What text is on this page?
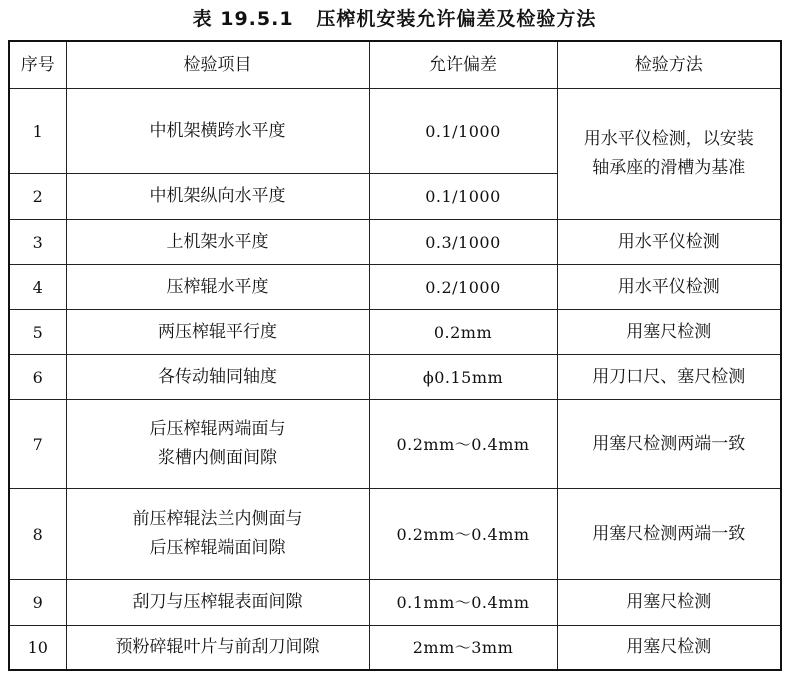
表 19.5.1   压榨机安装允许偏差及检验方法
序号	检验项目	允许偏差	检验方法
1	中机架横跨水平度	0.1/1000	用水平仪检测，以安装
轴承座的滑槽为基准

2	中机架纵向水平度	0.1/1000	
3	上机架水平度	0.3/1000	用水平仪检测
4	压榨辊水平度	0.2/1000	用水平仪检测
5	两压榨辊平行度	0.2mm	用塞尺检测
6	各传动轴同轴度	ϕ0.15mm	用刀口尺、塞尺检测
7	后压榨辊两端面与
浆槽内侧面间隙	0.2mm～0.4mm	用塞尺检测两端一致
8	前压榨辊法兰内侧面与
后压榨辊端面间隙	0.2mm～0.4mm	用塞尺检测两端一致
9	刮刀与压榨辊表面间隙	0.1mm～0.4mm	用塞尺检测
10	预粉碎辊叶片与前刮刀间隙	2mm～3mm	用塞尺检测
